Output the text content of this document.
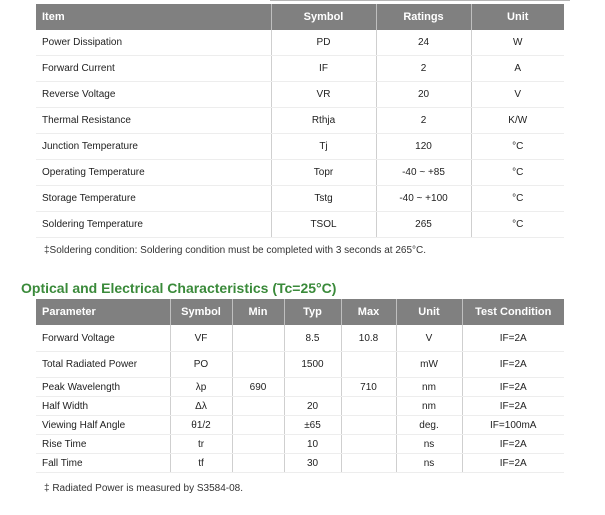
Item	Symbol	Ratings	Unit
Power Dissipation	PD	24	W
Forward Current	IF	2	A
Reverse Voltage	VR	20	V
Thermal Resistance	Rthja	2	K/W
Junction Temperature	Tj	120	°C
Operating Temperature	Topr	-40 ~ +85	°C
Storage Temperature	Tstg	-40 ~ +100	°C
Soldering Temperature	TSOL	265	°C
‡Soldering condition: Soldering condition must be completed with 3 seconds at 265°C.
Optical and Electrical Characteristics (Tc=25°C)
Parameter	Symbol	Min	Typ	Max	Unit	Test Condition
Forward Voltage	VF		8.5	10.8	V	IF=2A
Total Radiated Power	PO		1500		mW	IF=2A
Peak Wavelength	λp	690		710	nm	IF=2A
Half Width	Δλ		20		nm	IF=2A
Viewing Half Angle	θ1/2		±65		deg.	IF=100mA
Rise Time	tr		10		ns	IF=2A
Fall Time	tf		30		ns	IF=2A
‡ Radiated Power is measured by S3584-08.
